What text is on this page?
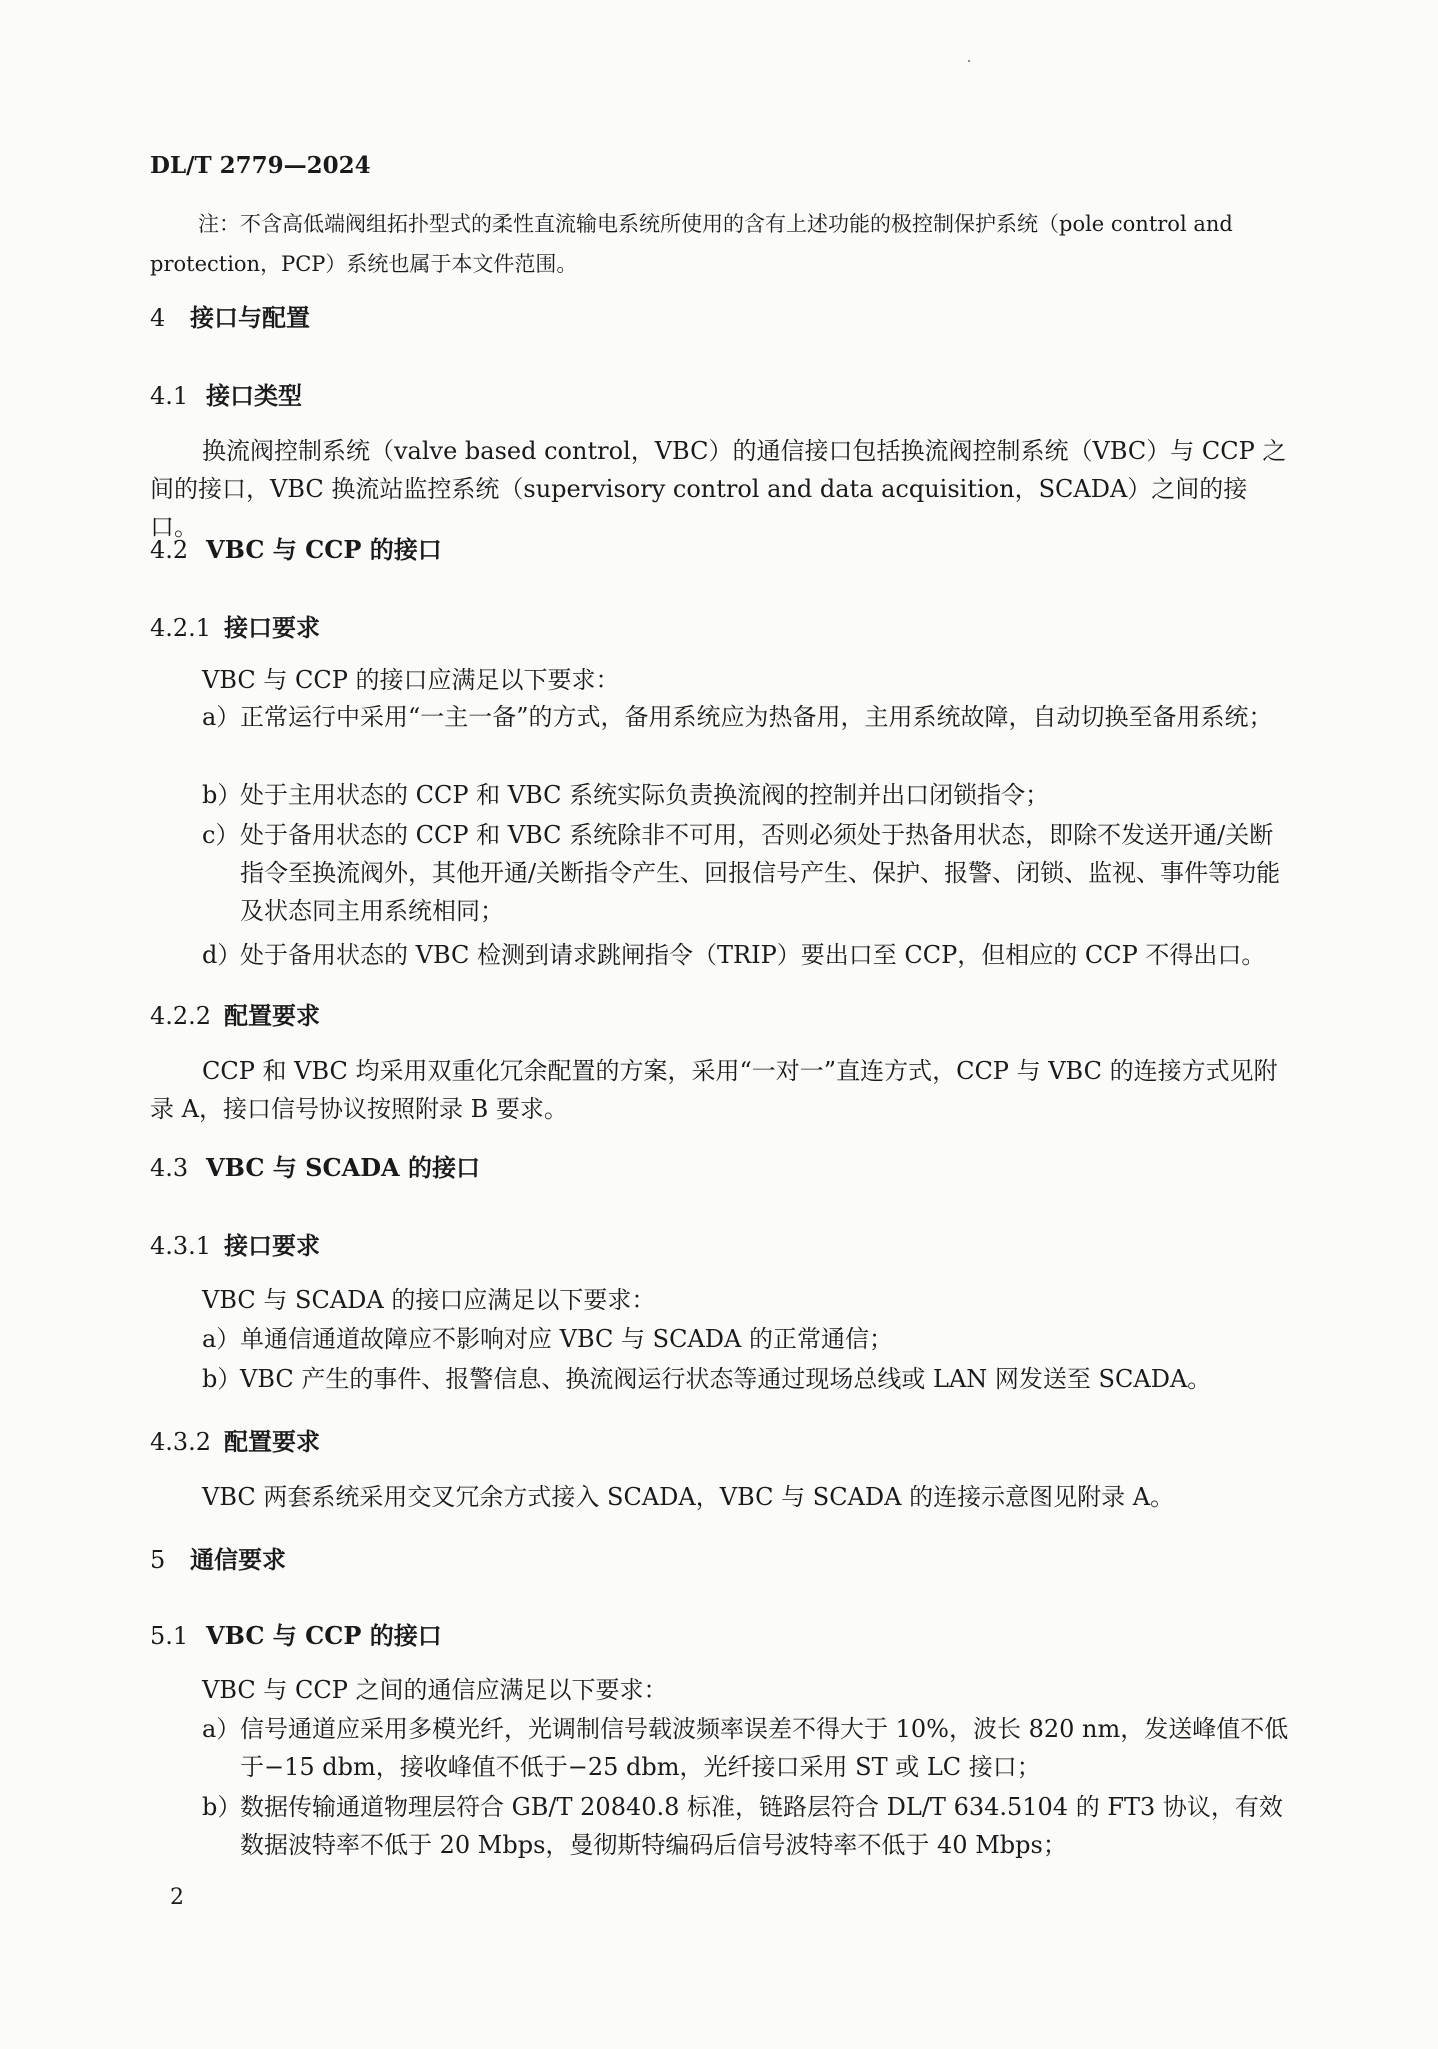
DL/T 2779—2024

注：不含高低端阀组拓扑型式的柔性直流输电系统所使用的含有上述功能的极控制保护系统（pole control and protection，PCP）系统也属于本文件范围。

4 接口与配置
4.1 接口类型

换流阀控制系统（valve based control，VBC）的通信接口包括换流阀控制系统（VBC）与 CCP 之间的接口，VBC 换流站监控系统（supervisory control and data acquisition，SCADA）之间的接口。

4.2 VBC 与 CCP 的接口
4.2.1 接口要求

VBC 与 CCP 的接口应满足以下要求：

a） 正常运行中采用“一主一备”的方式，备用系统应为热备用，主用系统故障，自动切换至备用系统；
b）
处于主用状态的 CCP 和 VBC 系统实际负责换流阀的控制并出口闭锁指令；
c） 处于备用状态的 CCP 和 VBC 系统除非不可用，否则必须处于热备用状态，即除不发送开通/关断指令至换流阀外，其他开通/关断指令产生、回报信号产生、保护、报警、闭锁、监视、事件等功能及状态同主用系统相同；
d）
处于备用状态的 VBC 检测到请求跳闸指令（TRIP）要出口至 CCP，但相应的 CCP 不得出口。
4.2.2 配置要求

CCP 和 VBC 均采用双重化冗余配置的方案，采用“一对一”直连方式，CCP 与 VBC 的连接方式见附录 A，接口信号协议按照附录 B 要求。

4.3 VBC 与 SCADA 的接口
4.3.1 接口要求

VBC 与 SCADA 的接口应满足以下要求：

a） 单通信通道故障应不影响对应 VBC 与 SCADA 的正常通信；
b）
VBC 产生的事件、报警信息、换流阀运行状态等通过现场总线或 LAN 网发送至 SCADA。
4.3.2 配置要求

VBC 两套系统采用交叉冗余方式接入 SCADA，VBC 与 SCADA 的连接示意图见附录 A。

5 通信要求
5.1 VBC 与 CCP 的接口

VBC 与 CCP 之间的通信应满足以下要求：

a） 信号通道应采用多模光纤，光调制信号载波频率误差不得大于 10%，波长 820 nm，发送峰值不低于−15 dbm，接收峰值不低于−25 dbm，光纤接口采用 ST 或 LC 接口；
b）
数据传输通道物理层符合 GB/T 20840.8 标准，链路层符合 DL/T 634.5104 的 FT3 协议，有效数据波特率不低于 20 Mbps，曼彻斯特编码后信号波特率不低于 40 Mbps；
2
